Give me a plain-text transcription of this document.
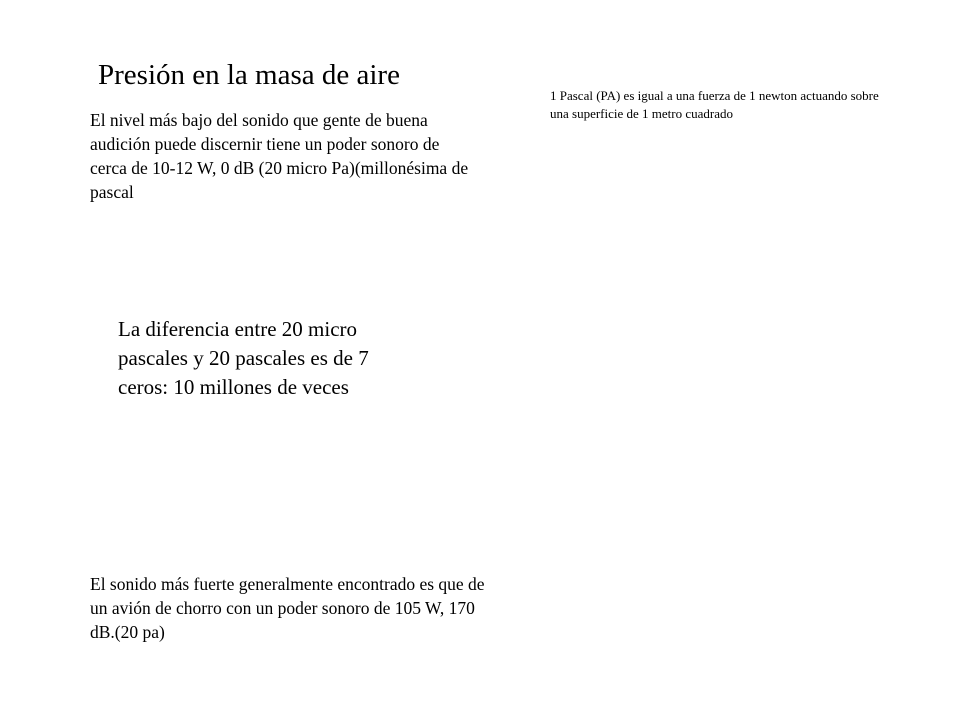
Presión en la masa de aire

1 Pascal (PA) es igual a una fuerza de 1 newton actuando sobre una superficie de 1 metro cuadrado

El nivel más bajo del sonido que gente de buena audición puede discernir tiene un poder sonoro de cerca de 10-12 W, 0 dB (20 micro Pa)(millonésima de pascal

La diferencia entre 20 micro pascales y 20 pascales es de 7 ceros: 10 millones de veces

El sonido más fuerte generalmente encontrado es que de un avión de chorro con un poder sonoro de 105 W, 170 dB.(20 pa)
